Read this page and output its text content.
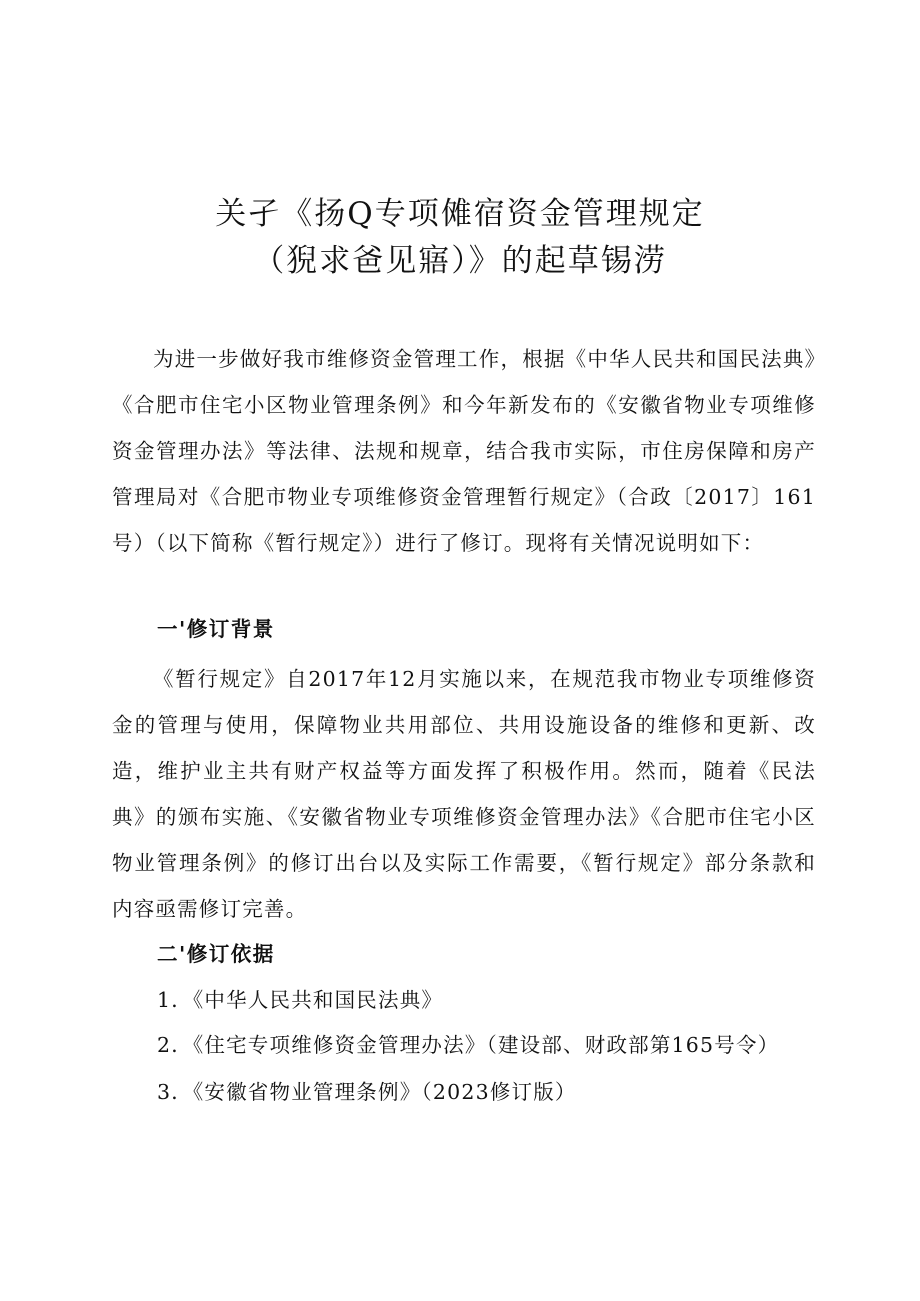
关孑《扬Q专项傩宿资金管理规定
（猊求爸见寤）》的起草锡涝

为进一步做好我市维修资金管理工作，根据《中华人民共和国民法典》《合肥市住宅小区物业管理条例》和今年新发布的《安徽省物业专项维修资金管理办法》等法律、法规和规章，结合我市实际，市住房保障和房产管理局对《合肥市物业专项维修资金管理暂行规定》（合政〔2017〕161号）（以下简称《暂行规定》）进行了修订。现将有关情况说明如下：

一'修订背景

《暂行规定》自2017年12月实施以来，在规范我市物业专项维修资金的管理与使用，保障物业共用部位、共用设施设备的维修和更新、改造，维护业主共有财产权益等方面发挥了积极作用。然而，随着《民法典》的颁布实施、《安徽省物业专项维修资金管理办法》《合肥市住宅小区物业管理条例》的修订出台以及实际工作需要，《暂行规定》部分条款和内容亟需修订完善。

二'修订依据

1．《中华人民共和国民法典》

2．《住宅专项维修资金管理办法》（建设部、财政部第165号令）

3．《安徽省物业管理条例》（2023修订版）
